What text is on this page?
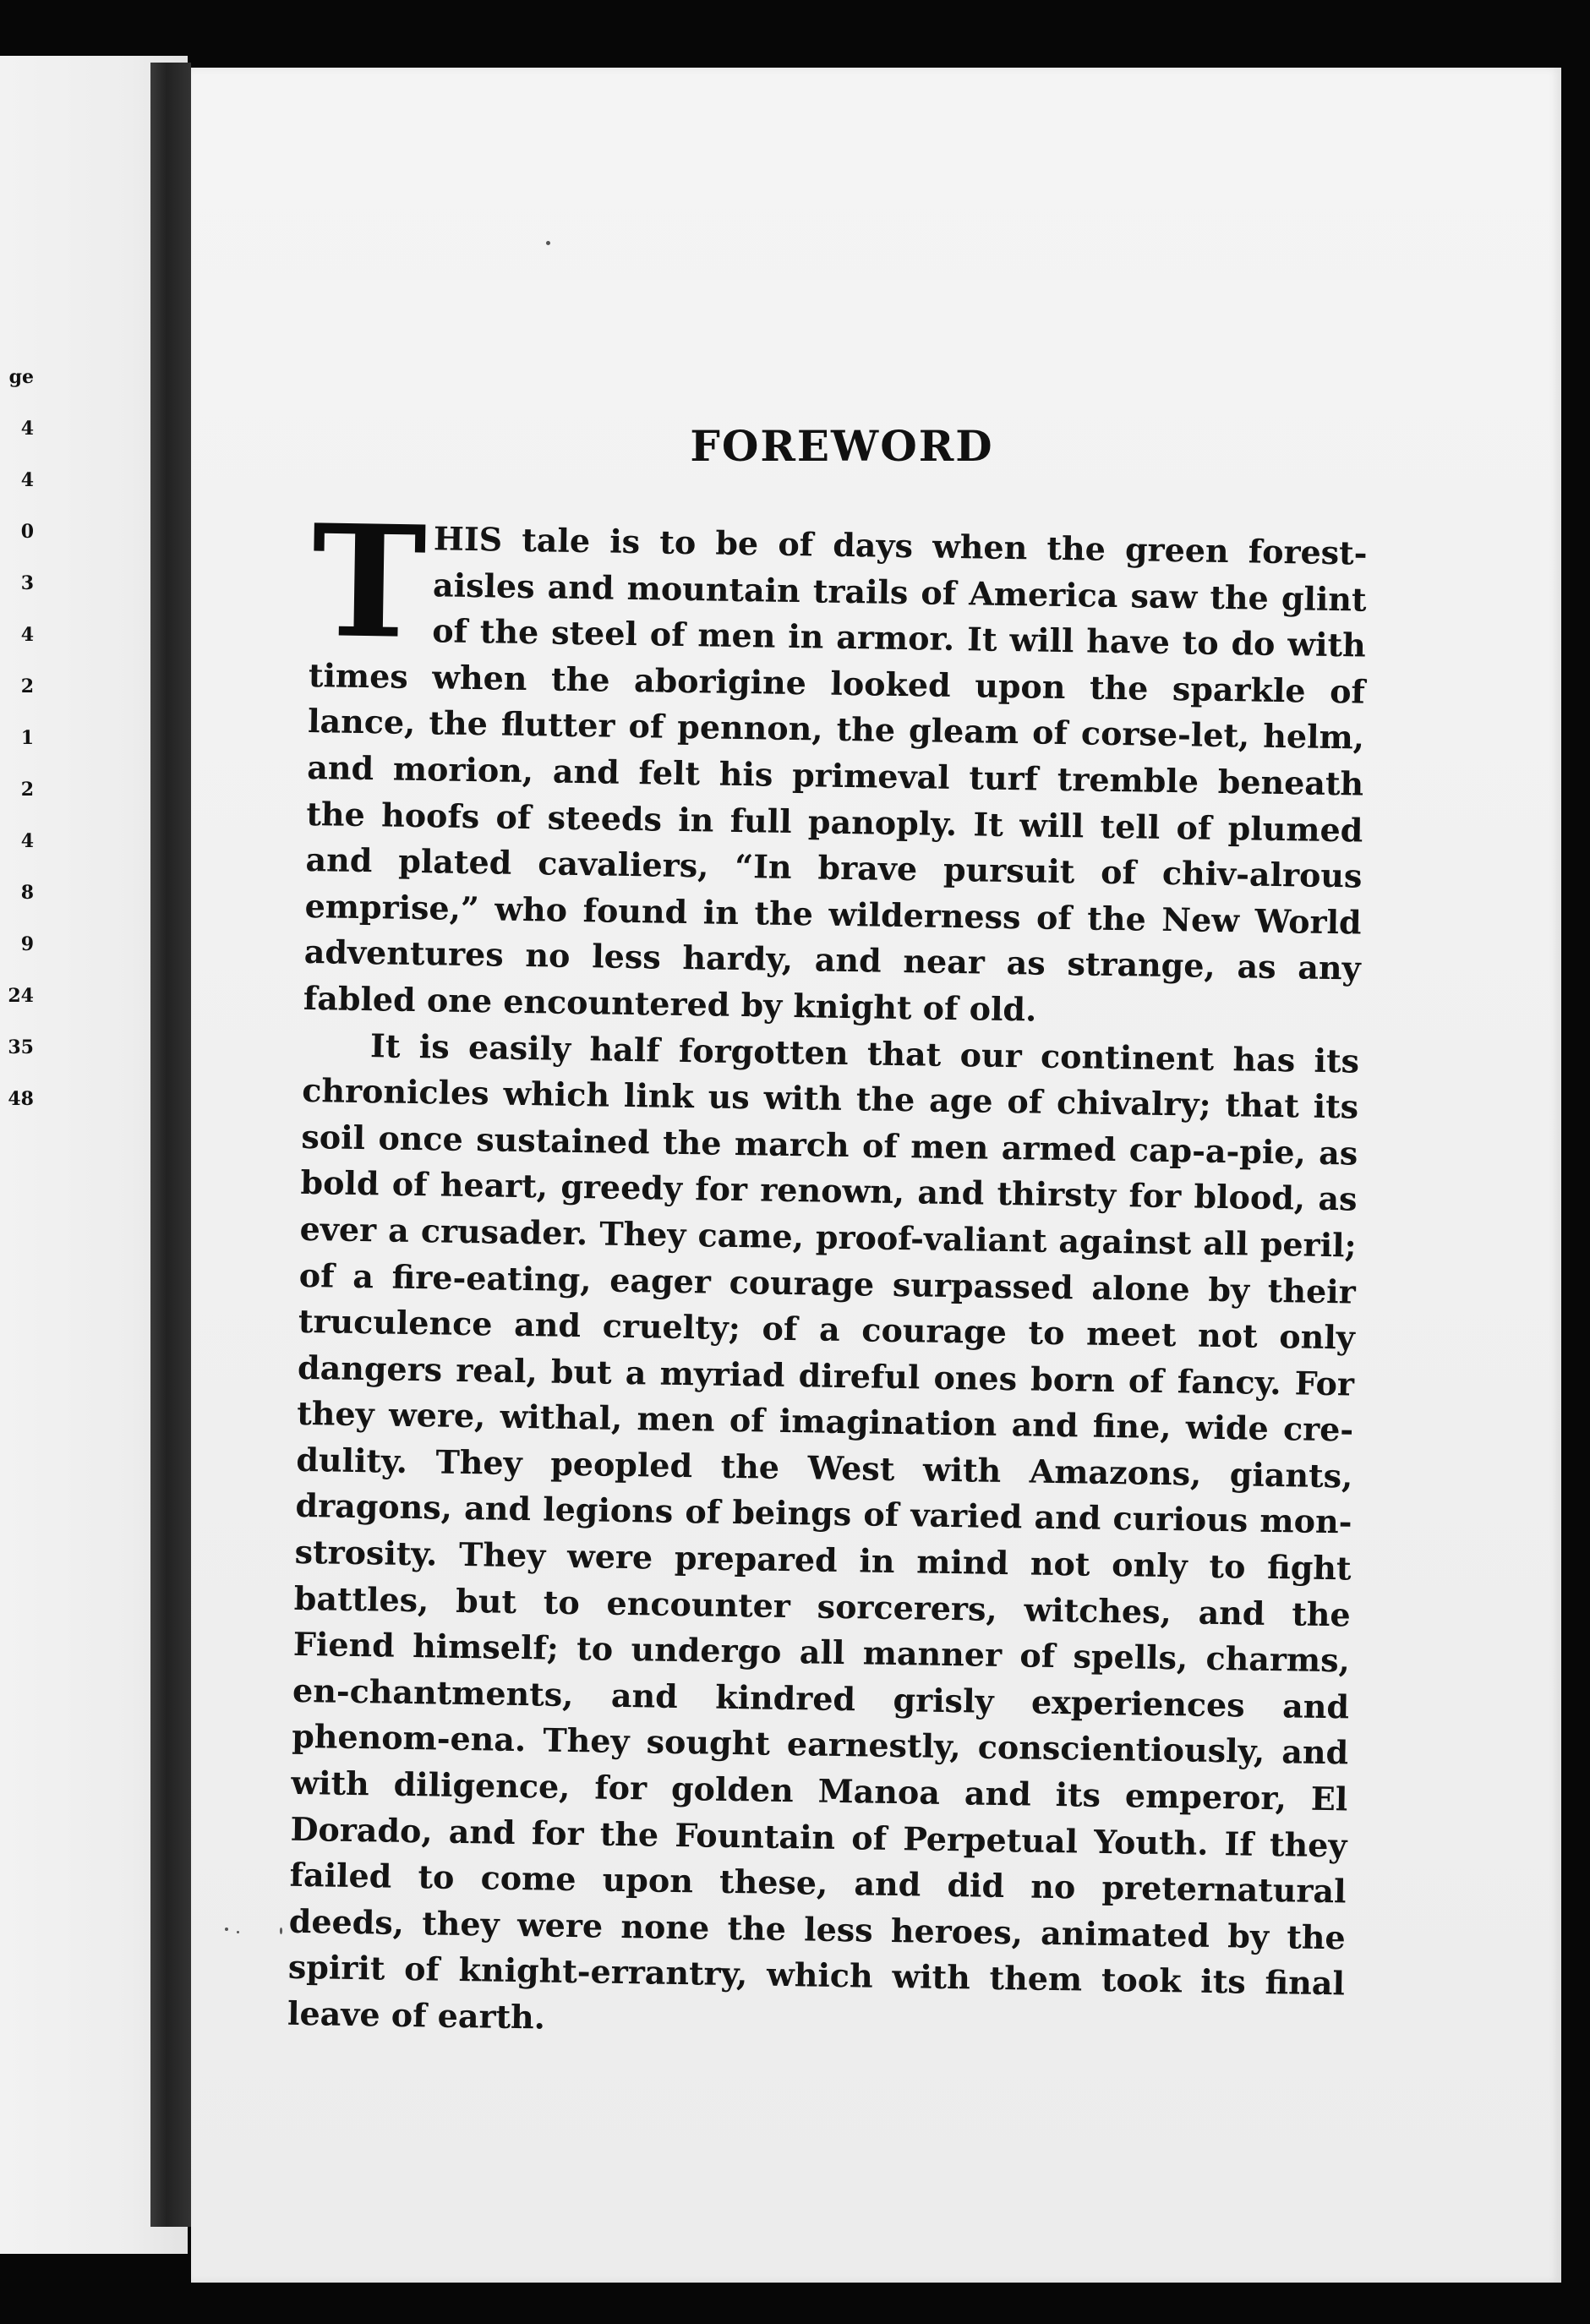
ge
4
4
0
3
4
2
1
2
4
8
9
24
35
48
FOREWORD

THIS tale is to be of days when the green forest-aisles and mountain trails of America saw the glint of the steel of men in armor. It will have to do with times when the aborigine looked upon the sparkle of lance, the flutter of pennon, the gleam of corse-let, helm, and morion, and felt his primeval turf tremble beneath the hoofs of steeds in full panoply. It will tell of plumed and plated cavaliers, “In brave pursuit of chiv-alrous emprise,” who found in the wilderness of the New World adventures no less hardy, and near as strange, as any fabled one encountered by knight of old.

It is easily half forgotten that our continent has its chronicles which link us with the age of chivalry; that its soil once sustained the march of men armed cap-a-pie, as bold of heart, greedy for renown, and thirsty for blood, as ever a crusader. They came, proof-valiant against all peril; of a fire-eating, eager courage surpassed alone by their truculence and cruelty; of a courage to meet not only dangers real, but a myriad direful ones born of fancy. For they were, withal, men of imagination and fine, wide cre-dulity. They peopled the West with Amazons, giants, dragons, and legions of beings of varied and curious mon-strosity. They were prepared in mind not only to fight battles, but to encounter sorcerers, witches, and the Fiend himself; to undergo all manner of spells, charms, en-chantments, and kindred grisly experiences and phenom-ena. They sought earnestly, conscientiously, and with diligence, for golden Manoa and its emperor, El Dorado, and for the Fountain of Perpetual Youth. If they failed to come upon these, and did no preternatural deeds, they were none the less heroes, animated by the spirit of knight-errantry, which with them took its final leave of earth.
